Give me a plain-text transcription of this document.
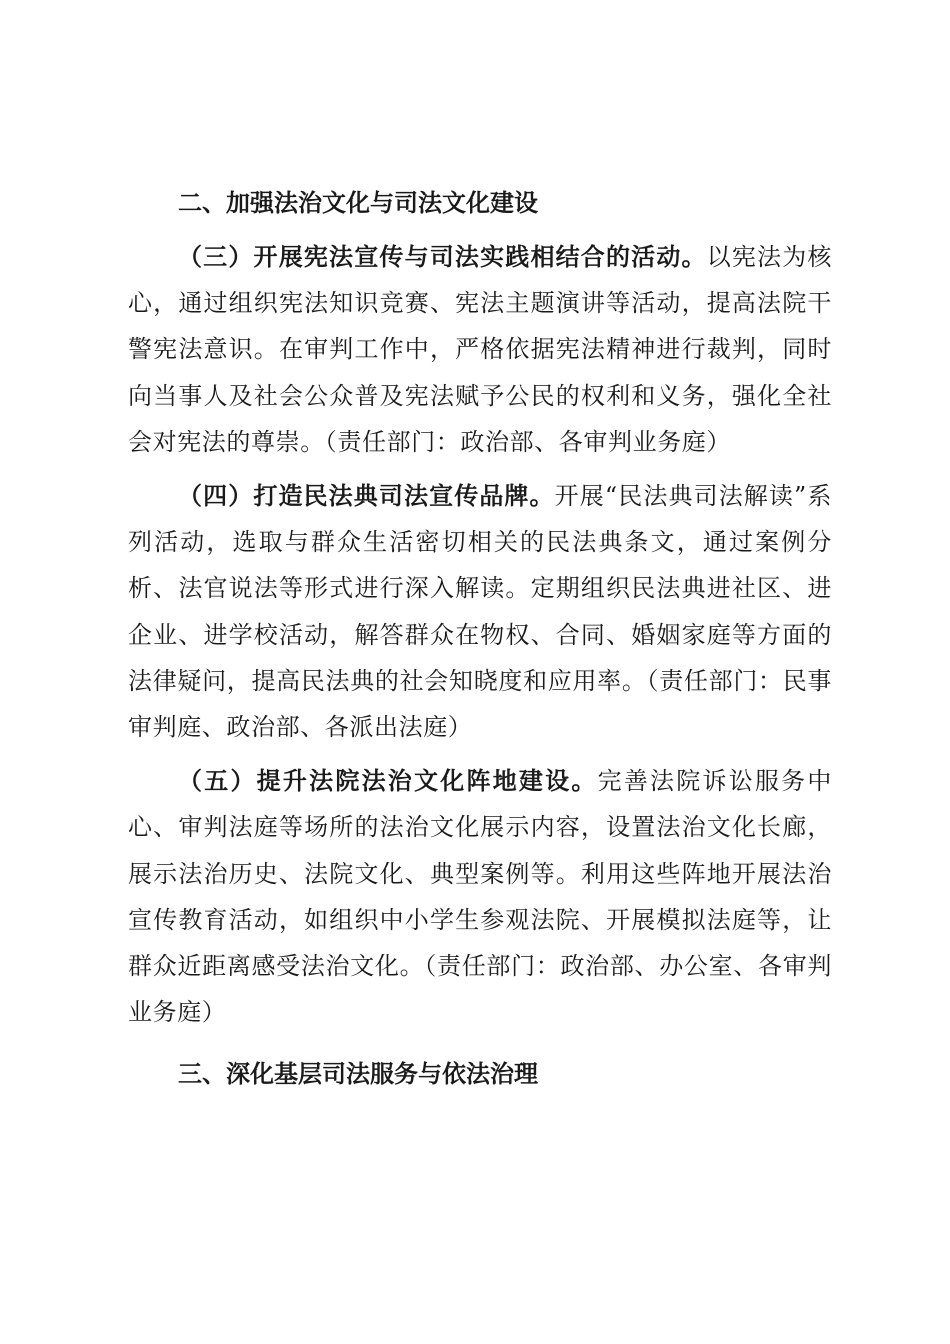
二、加强法治文化与司法文化建设

（三）开展宪法宣传与司法实践相结合的活动。以宪法为核心，通过组织宪法知识竞赛、宪法主题演讲等活动，提高法院干警宪法意识。在审判工作中，严格依据宪法精神进行裁判，同时向当事人及社会公众普及宪法赋予公民的权利和义务，强化全社会对宪法的尊崇。（责任部门：政治部、各审判业务庭）

（四）打造民法典司法宣传品牌。开展“民法典司法解读”系列活动，选取与群众生活密切相关的民法典条文，通过案例分析、法官说法等形式进行深入解读。定期组织民法典进社区、进企业、进学校活动，解答群众在物权、合同、婚姻家庭等方面的法律疑问，提高民法典的社会知晓度和应用率。（责任部门：民事审判庭、政治部、各派出法庭）

（五）提升法院法治文化阵地建设。完善法院诉讼服务中心、审判法庭等场所的法治文化展示内容，设置法治文化长廊，展示法治历史、法院文化、典型案例等。利用这些阵地开展法治宣传教育活动，如组织中小学生参观法院、开展模拟法庭等，让群众近距离感受法治文化。（责任部门：政治部、办公室、各审判业务庭）

三、深化基层司法服务与依法治理
